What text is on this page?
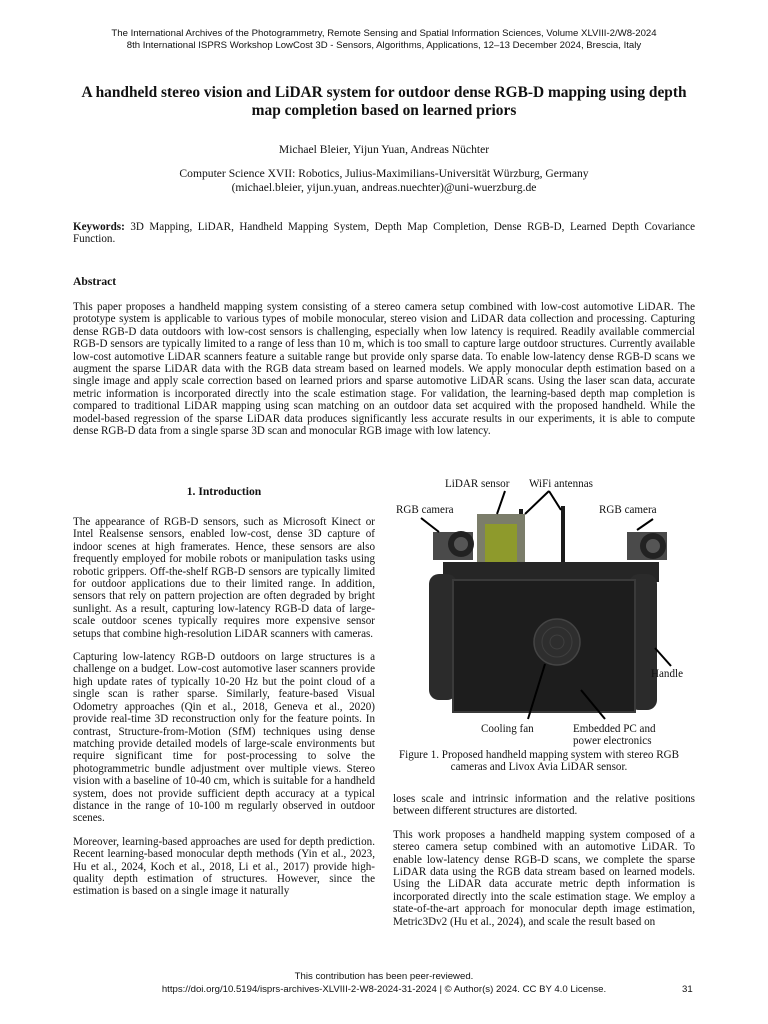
The International Archives of the Photogrammetry, Remote Sensing and Spatial Information Sciences, Volume XLVIII-2/W8-2024
8th International ISPRS Workshop LowCost 3D - Sensors, Algorithms, Applications, 12–13 December 2024, Brescia, Italy
A handheld stereo vision and LiDAR system for outdoor dense RGB-D mapping using depth map completion based on learned priors
Michael Bleier, Yijun Yuan, Andreas Nüchter
Computer Science XVII: Robotics, Julius-Maximilians-Universität Würzburg, Germany
(michael.bleier, yijun.yuan, andreas.nuechter)@uni-wuerzburg.de
Keywords: 3D Mapping, LiDAR, Handheld Mapping System, Depth Map Completion, Dense RGB-D, Learned Depth Covariance Function.
Abstract
This paper proposes a handheld mapping system consisting of a stereo camera setup combined with low-cost automotive LiDAR. The prototype system is applicable to various types of mobile monocular, stereo vision and LiDAR data collection and processing. Capturing dense RGB-D data outdoors with low-cost sensors is challenging, especially when low latency is required. Readily available commercial RGB-D sensors are typically limited to a range of less than 10 m, which is too small to capture large outdoor structures. Currently available low-cost automotive LiDAR scanners feature a suitable range but provide only sparse data. To enable low-latency dense RGB-D scans we augment the sparse LiDAR data with the RGB data stream based on learned models. We apply monocular depth estimation based on a single image and apply scale correction based on learned priors and sparse automotive LiDAR scans. Using the laser scan data, accurate metric information is incorporated directly into the scale estimation stage. For validation, the learning-based depth map completion is compared to traditional LiDAR mapping using scan matching on an outdoor data set acquired with the proposed handheld. While the model-based regression of the sparse LiDAR data produces significantly less accurate results in our experiments, it is able to compute dense RGB-D data from a single sparse 3D scan and monocular RGB image with low latency.
1. Introduction

The appearance of RGB-D sensors, such as Microsoft Kinect or Intel Realsense sensors, enabled low-cost, dense 3D capture of indoor scenes at high framerates. Hence, these sensors are also frequently employed for mobile robots or manipulation tasks using robotic grippers. Off-the-shelf RGB-D sensors are typically limited for outdoor applications due to their limited range. In addition, sensors that rely on pattern projection are often degraded by bright sunlight. As a result, capturing low-latency RGB-D data of large-scale outdoor scenes typically requires more expensive sensor setups that combine high-resolution LiDAR scanners with cameras.

Capturing low-latency RGB-D outdoors on large structures is a challenge on a budget. Low-cost automotive laser scanners provide high update rates of typically 10-20 Hz but the point cloud of a single scan is rather sparse. Similarly, feature-based Visual Odometry approaches (Qin et al., 2018, Geneva et al., 2020) provide real-time 3D reconstruction only for the feature points. In contrast, Structure-from-Motion (SfM) techniques using dense matching provide detailed models of large-scale environments but require significant time for post-processing to solve the photogrammetric bundle adjustment over multiple views. Stereo vision with a baseline of 10-40 cm, which is suitable for a handheld system, does not provide sufficient depth accuracy at a typical distance in the range of 10-100 m regularly observed in outdoor scenes.

Moreover, learning-based approaches are used for depth prediction. Recent learning-based monocular depth methods (Yin et al., 2023, Hu et al., 2024, Koch et al., 2018, Li et al., 2017) provide high-quality depth estimation of structures. However, since the estimation is based on a single image it naturally

LiDAR sensor WiFi antennas
RGB camera	RGB camera
Handle
Cooling fan	Embedded PC and power electronics
Figure 1. Proposed handheld mapping system with stereo RGB cameras and Livox Avia LiDAR sensor.

loses scale and intrinsic information and the relative positions between different structures are distorted.

This work proposes a handheld mapping system composed of a stereo camera setup combined with an automotive LiDAR. To enable low-latency dense RGB-D scans, we complete the sparse LiDAR data using the RGB data stream based on learned models. Using the LiDAR data accurate metric depth information is incorporated directly into the scale estimation stage. We employ a state-of-the-art approach for monocular depth image estimation, Metric3Dv2 (Hu et al., 2024), and scale the result based on

This contribution has been peer-reviewed.
https://doi.org/10.5194/isprs-archives-XLVIII-2-W8-2024-31-2024 | © Author(s) 2024. CC BY 4.0 License.	31
